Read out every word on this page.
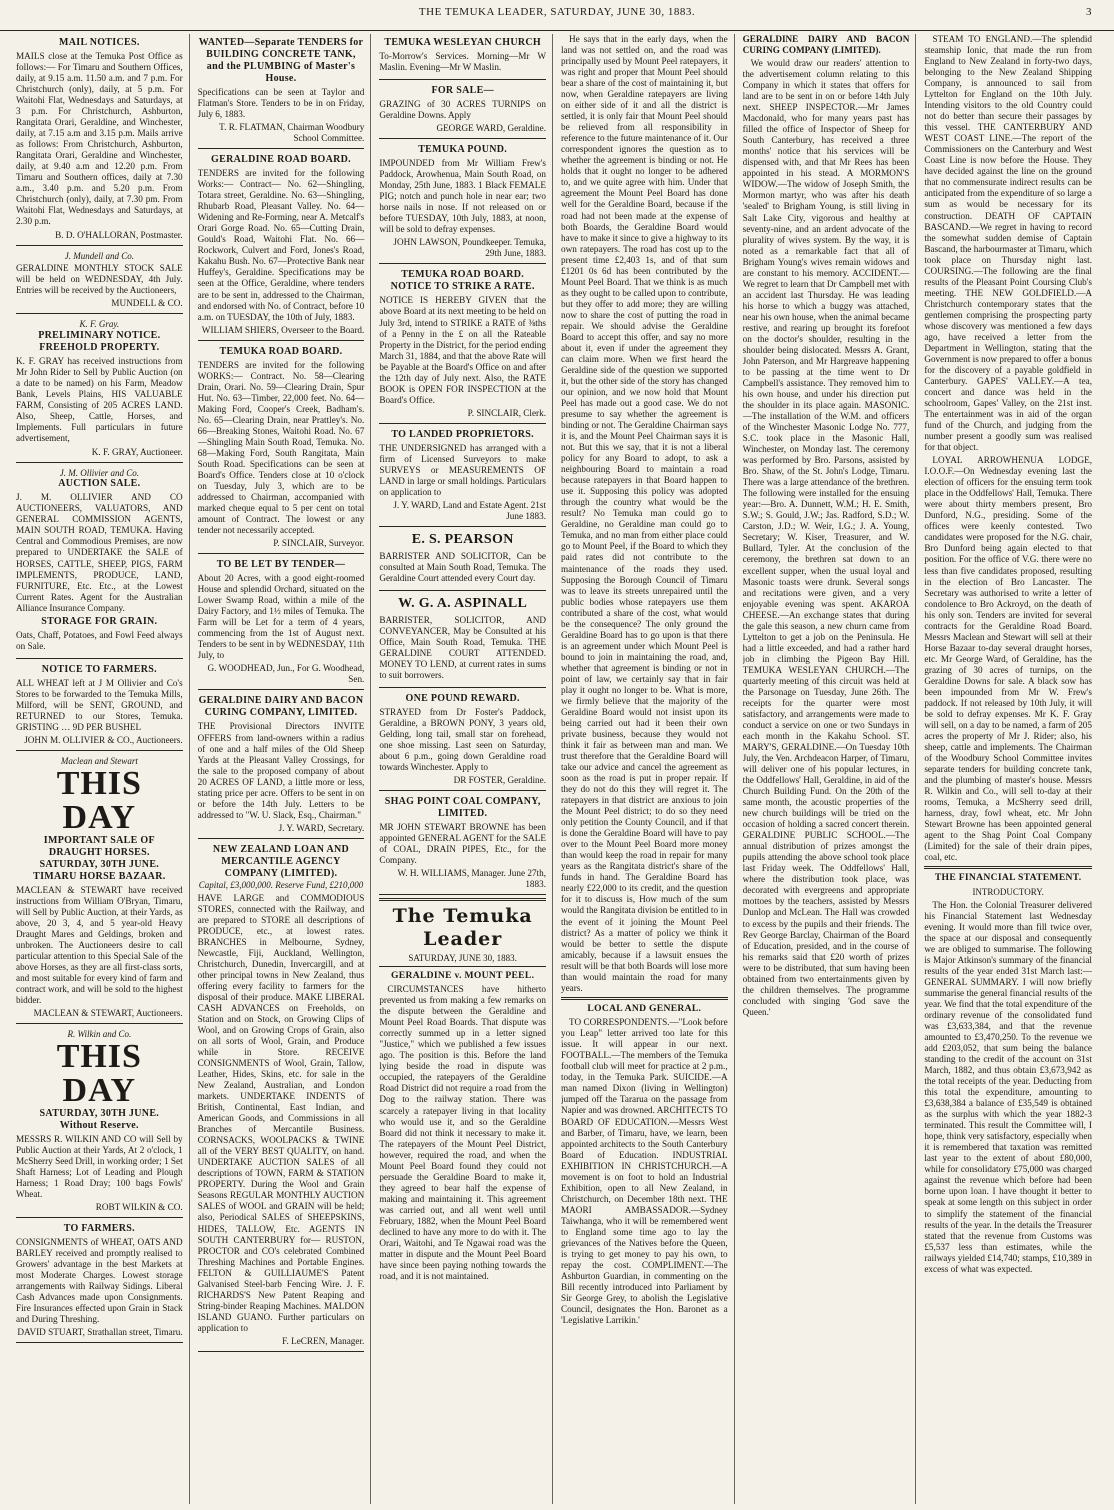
THE TEMUKA LEADER, SATURDAY, JUNE 30, 1883.	3
MAIL NOTICES.

MAILS close at the Temuka Post Office as follows:— For Timaru and Southern Offices, daily, at 9.15 a.m. 11.50 a.m. and 7 p.m. For Christchurch (only), daily, at 5 p.m. For Waitohi Flat, Wednesdays and Saturdays, at 3 p.m. For Christchurch, Ashburton, Rangitata Orari, Geraldine, and Winchester, daily, at 7.15 a.m and 3.15 p.m. Mails arrive as follows: From Christchurch, Ashburton, Rangitata Orari, Geraldine and Winchester, daily, at 9.40 a.m and 12.20 p.m. From Timaru and Southern offices, daily at 7.30 a.m., 3.40 p.m. and 5.20 p.m. From Christchurch (only), daily, at 7.30 pm. From Waitohi Flat, Wednesdays and Saturdays, at 2.30 p.m.

B. D. O'HALLORAN, Postmaster.
J. Mundell and Co.

GERALDINE MONTHLY STOCK SALE will be held on WEDNESDAY, 4th July. Entries will be received by the Auctioneers,

MUNDELL & CO.
K. F. Gray.
PRELIMINARY NOTICE.
FREEHOLD PROPERTY.

K. F. GRAY has received instructions from Mr John Rider to Sell by Public Auction (on a date to be named) on his Farm, Meadow Bank, Levels Plains, HIS VALUABLE FARM, Consisting of 205 ACRES LAND. Also, Sheep, Cattle, Horses, and Implements. Full particulars in future advertisement,

K. F. GRAY, Auctioneer.
J. M. Ollivier and Co.
AUCTION SALE.

J. M. OLLIVIER AND CO AUCTIONEERS, VALUATORS, AND GENERAL COMMISSION AGENTS, MAIN SOUTH ROAD, TEMUKA. Having Central and Commodious Premises, are now prepared to UNDERTAKE the SALE of HORSES, CATTLE, SHEEP, PIGS, FARM IMPLEMENTS, PRODUCE, LAND, FURNITURE, Etc. Etc., at the Lowest Current Rates. Agent for the Australian Alliance Insurance Company.

STORAGE FOR GRAIN.

Oats, Chaff, Potatoes, and Fowl Feed always on Sale.

NOTICE TO FARMERS.

ALL WHEAT left at J M Ollivier and Co's Stores to be forwarded to the Temuka Mills, Milford, will be SENT, GROUND, and RETURNED to our Stores, Temuka. GRISTING … 9D PER BUSHEL

JOHN M. OLLIVIER & CO., Auctioneers.
Maclean and Stewart
THIS DAY
IMPORTANT SALE OF DRAUGHT HORSES.
SATURDAY, 30TH JUNE.
TIMARU HORSE BAZAAR.

MACLEAN & STEWART have received instructions from William O'Bryan, Timaru, will Sell by Public Auction, at their Yards, as above, 20 3, 4, and 5 year-old Heavy Draught Mares and Geldings, broken and unbroken. The Auctioneers desire to call particular attention to this Special Sale of the above Horses, as they are all first-class sorts, and most suitable for every kind of farm and contract work, and will be sold to the highest bidder.

MACLEAN & STEWART, Auctioneers.
R. Wilkin and Co.
THIS DAY
SATURDAY, 30TH JUNE.
Without Reserve.

MESSRS R. WILKIN AND CO will Sell by Public Auction at their Yards, At 2 o'clock, 1 McSherry Seed Drill, in working order; 1 Set Shaft Harness; Lot of Leading and Plough Harness; 1 Road Dray; 100 bags Fowls' Wheat.

ROBT WILKIN & CO.
TO FARMERS.

CONSIGNMENTS of WHEAT, OATS AND BARLEY received and promptly realised to Growers' advantage in the best Markets at most Moderate Charges. Lowest storage arrangements with Railway Sidings. Liberal Cash Advances made upon Consignments. Fire Insurances effected upon Grain in Stack and During Threshing.

DAVID STUART, Strathallan street, Timaru.
WANTED—Separate TENDERS for BUILDING CONCRETE TANK, and the PLUMBING of Master's House.

Specifications can be seen at Taylor and Flatman's Store. Tenders to be in on Friday, July 6, 1883.

T. R. FLATMAN, Chairman Woodbury School Committee.
GERALDINE ROAD BOARD.

TENDERS are invited for the following Works:— Contract— No. 62—Shingling, Totara street, Geraldine. No. 63—Shingling, Rhubarb Road, Pleasant Valley. No. 64—Widening and Re-Forming, near A. Metcalf's Orari Gorge Road. No. 65—Cutting Drain, Gould's Road, Waitohi Flat. No. 66—Rockwork, Culvert and Ford, Jones's Road, Kakahu Bush. No. 67—Protective Bank near Huffey's, Geraldine. Specifications may be seen at the Office, Geraldine, where tenders are to be sent in, addressed to the Chairman, and endorsed with No. of Contract, before 10 a.m. on TUESDAY, the 10th of July, 1883.

WILLIAM SHIERS, Overseer to the Board.
TEMUKA ROAD BOARD.

TENDERS are invited for the following WORKS:— Contract. No. 58—Clearing Drain, Orari. No. 59—Clearing Drain, Spur Hut. No. 63—Timber, 22,000 feet. No. 64—Making Ford, Cooper's Creek, Badham's. No. 65—Clearing Drain, near Prattley's. No. 66—Breaking Stones, Waitohi Road. No. 67—Shingling Main South Road, Temuka. No. 68—Making Ford, South Rangitata, Main South Road. Specifications can be seen at Board's Office. Tenders close at 10 o'clock on Tuesday, July 3, which are to be addressed to Chairman, accompanied with marked cheque equal to 5 per cent on total amount of Contract. The lowest or any tender not necessarily accepted.

P. SINCLAIR, Surveyor.
TO BE LET BY TENDER—

About 20 Acres, with a good eight-roomed House and splendid Orchard, situated on the Lower Swamp Road, within a mile of the Dairy Factory, and 1½ miles of Temuka. The Farm will be Let for a term of 4 years, commencing from the 1st of August next. Tenders to be sent in by WEDNESDAY, 11th July, to

G. WOODHEAD, Jun., For G. Woodhead, Sen.
GERALDINE DAIRY AND BACON CURING COMPANY, LIMITED.

THE Provisional Directors INVITE OFFERS from land-owners within a radius of one and a half miles of the Old Sheep Yards at the Pleasant Valley Crossings, for the sale to the proposed company of about 20 ACRES OF LAND, a little more or less, stating price per acre. Offers to be sent in on or before the 14th July. Letters to be addressed to "W. U. Slack, Esq., Chairman."

J. Y. WARD, Secretary.
NEW ZEALAND LOAN AND MERCANTILE AGENCY COMPANY (LIMITED).
Capital, £3,000,000. Reserve Fund, £210,000

HAVE LARGE and COMMODIOUS STORES, connected with the Railway, and are prepared to STORE all descriptions of PRODUCE, etc., at lowest rates. BRANCHES in Melbourne, Sydney, Newcastle, Fiji, Auckland, Wellington, Christchurch, Dunedin, Invercargill, and at other principal towns in New Zealand, thus offering every facility to farmers for the disposal of their produce. MAKE LIBERAL CASH ADVANCES on Freeholds, on Station and on Stock, on Growing Clips of Wool, and on Growing Crops of Grain, also on all sorts of Wool, Grain, and Produce while in Store. RECEIVE CONSIGNMENTS of Wool, Grain, Tallow, Leather, Hides, Skins, etc. for sale in the New Zealand, Australian, and London markets. UNDERTAKE INDENTS of British, Continental, East Indian, and American Goods, and Commissions in all Branches of Mercantile Business. CORNSACKS, WOOLPACKS & TWINE all of the VERY BEST QUALITY, on hand. UNDERTAKE AUCTION SALES of all descriptions of TOWN, FARM & STATION PROPERTY. During the Wool and Grain Seasons REGULAR MONTHLY AUCTION SALES of WOOL and GRAIN will be held; also, Periodical SALES of SHEEPSKINS, HIDES, TALLOW, Etc. AGENTS IN SOUTH CANTERBURY for— RUSTON, PROCTOR and CO's celebrated Combined Threshing Machines and Portable Engines. FELTON & GUILLIAUME'S Patent Galvanised Steel-barb Fencing Wire. J. F. RICHARDS'S New Patent Reaping and String-binder Reaping Machines. MALDON ISLAND GUANO. Further particulars on application to

F. LeCREN, Manager.
TEMUKA WESLEYAN CHURCH

To-Morrow's Services. Morning—Mr W Maslin. Evening—Mr W Maslin.

FOR SALE—

GRAZING of 30 ACRES TURNIPS on Geraldine Downs. Apply

GEORGE WARD, Geraldine.
TEMUKA POUND.

IMPOUNDED from Mr William Frew's Paddock, Arowhenua, Main South Road, on Monday, 25th June, 1883. 1 Black FEMALE PIG; notch and punch hole in near ear; two horse nails in nose. If not released on or before TUESDAY, 10th July, 1883, at noon, will be sold to defray expenses.

JOHN LAWSON, Poundkeeper. Temuka, 29th June, 1883.
TEMUKA ROAD BOARD.
NOTICE TO STRIKE A RATE.

NOTICE IS HEREBY GIVEN that the above Board at its next meeting to be held on July 3rd, intend to STRIKE a RATE of ⅜ths of a Penny in the £ on all the Rateable Property in the District, for the period ending March 31, 1884, and that the above Rate will be Payable at the Board's Office on and after the 12th day of July next. Also, the RATE BOOK is OPEN FOR INSPECTION at the Board's Office.

P. SINCLAIR, Clerk.
TO LANDED PROPRIETORS.

THE UNDERSIGNED has arranged with a firm of Licensed Surveyors to make SURVEYS or MEASUREMENTS OF LAND in large or small holdings. Particulars on application to

J. Y. WARD, Land and Estate Agent. 21st June 1883.
E. S. PEARSON

BARRISTER AND SOLICITOR, Can be consulted at Main South Road, Temuka. The Geraldine Court attended every Court day.

W. G. A. ASPINALL

BARRISTER, SOLICITOR, AND CONVEYANCER, May be Consulted at his Office, Main South Road, Temuka. THE GERALDINE COURT ATTENDED. MONEY TO LEND, at current rates in sums to suit borrowers.

ONE POUND REWARD.

STRAYED from Dr Foster's Paddock, Geraldine, a BROWN PONY, 3 years old, Gelding, long tail, small star on forehead, one shoe missing. Last seen on Saturday, about 6 p.m., going down Geraldine road towards Winchester. Apply to

DR FOSTER, Geraldine.
SHAG POINT COAL COMPANY, LIMITED.

MR JOHN STEWART BROWNE has been appointed GENERAL AGENT for the SALE of COAL, DRAIN PIPES, Etc., for the Company.

W. H. WILLIAMS, Manager. June 27th, 1883.
The Temuka Leader
SATURDAY, JUNE 30, 1883.
GERALDINE v. MOUNT PEEL.

CIRCUMSTANCES have hitherto prevented us from making a few remarks on the dispute between the Geraldine and Mount Peel Road Boards. That dispute was correctly summed up in a letter signed "Justice," which we published a few issues ago. The position is this. Before the land lying beside the road in dispute was occupied, the ratepayers of the Geraldine Road District did not require a road from the Dog to the railway station. There was scarcely a ratepayer living in that locality who would use it, and so the Geraldine Board did not think it necessary to make it. The ratepayers of the Mount Peel District, however, required the road, and when the Mount Peel Board found they could not persuade the Geraldine Board to make it, they agreed to bear half the expense of making and maintaining it. This agreement was carried out, and all went well until February, 1882, when the Mount Peel Board declined to have any more to do with it. The Orari, Waitohi, and Te Ngawai road was the matter in dispute and the Mount Peel Board have since been paying nothing towards the road, and it is not maintained.

He says that in the early days, when the land was not settled on, and the road was principally used by Mount Peel ratepayers, it was right and proper that Mount Peel should bear a share of the cost of maintaining it, but now, when Geraldine ratepayers are living on either side of it and all the district is settled, it is only fair that Mount Peel should be relieved from all responsibility in reference to the future maintenance of it. Our correspondent ignores the question as to whether the agreement is binding or not. He holds that it ought no longer to be adhered to, and we quite agree with him. Under that agreement the Mount Peel Board has done well for the Geraldine Board, because if the road had not been made at the expense of both Boards, the Geraldine Board would have to make it since to give a highway to its own ratepayers. The road has cost up to the present time £2,403 1s, and of that sum £1201 0s 6d has been contributed by the Mount Peel Board. That we think is as much as they ought to be called upon to contribute, but they offer to add more; they are willing now to share the cost of putting the road in repair. We should advise the Geraldine Board to accept this offer, and say no more about it, even if under the agreement they can claim more. When we first heard the Geraldine side of the question we supported it, but the other side of the story has changed our opinion, and we now hold that Mount Peel has made out a good case. We do not presume to say whether the agreement is binding or not. The Geraldine Chairman says it is, and the Mount Peel Chairman says it is not. But this we say, that it is not a liberal policy for any Board to adopt, to ask a neighbouring Board to maintain a road because ratepayers in that Board happen to use it. Supposing this policy was adopted through the country what would be the result? No Temuka man could go to Geraldine, no Geraldine man could go to Temuka, and no man from either place could go to Mount Peel, if the Board to which they paid rates did not contribute to the maintenance of the roads they used. Supposing the Borough Council of Timaru was to leave its streets unrepaired until the public bodies whose ratepayers use them contributed a share of the cost, what would be the consequence? The only ground the Geraldine Board has to go upon is that there is an agreement under which Mount Peel is bound to join in maintaining the road, and, whether that agreement is binding or not in point of law, we certainly say that in fair play it ought no longer to be. What is more, we firmly believe that the majority of the Geraldine Board would not insist upon its being carried out had it been their own private business, because they would not think it fair as between man and man. We trust therefore that the Geraldine Board will take our advice and cancel the agreement as soon as the road is put in proper repair. If they do not do this they will regret it. The ratepayers in that district are anxious to join the Mount Peel district; to do so they need only petition the County Council, and if that is done the Geraldine Board will have to pay over to the Mount Peel Board more money than would keep the road in repair for many years as the Rangitata district's share of the funds in hand. The Geraldine Board has nearly £22,000 to its credit, and the question for it to discuss is, How much of the sum would the Rangitata division be entitled to in the event of it joining the Mount Peel district? As a matter of policy we think it would be better to settle the dispute amicably, because if a lawsuit ensues the result will be that both Boards will lose more than would maintain the road for many years.

LOCAL AND GENERAL.

TO CORRESPONDENTS.—"Look before you Leap" letter arrived too late for this issue. It will appear in our next. FOOTBALL.—The members of the Temuka football club will meet for practice at 2 p.m., today, in the Temuka Park. SUICIDE.—A man named Dixon (living in Wellington) jumped off the Tararua on the passage from Napier and was drowned. ARCHITECTS TO BOARD OF EDUCATION.—Messrs West and Barber, of Timaru, have, we learn, been appointed architects to the South Canterbury Board of Education. INDUSTRIAL EXHIBITION IN CHRISTCHURCH.—A movement is on foot to hold an Industrial Exhibition, open to all New Zealand, in Christchurch, on December 18th next. THE MAORI AMBASSADOR.—Sydney Taiwhanga, who it will be remembered went to England some time ago to lay the grievances of the Natives before the Queen, is trying to get money to pay his own, to repay the cost. COMPLIMENT.—The Ashburton Guardian, in commenting on the Bill recently introduced into Parliament by Sir George Grey, to abolish the Legislative Council, designates the Hon. Baronet as a 'Legislative Larrikin.'

GERALDINE DAIRY AND BACON CURING COMPANY (LIMITED).

We would draw our readers' attention to the advertisement column relating to this Company in which it states that offers for land are to be sent in on or before 14th July next. SHEEP INSPECTOR.—Mr James Macdonald, who for many years past has filled the office of Inspector of Sheep for South Canterbury, has received a three months' notice that his services will be dispensed with, and that Mr Rees has been appointed in his stead. A MORMON'S WIDOW.—The widow of Joseph Smith, the Mormon martyr, who was after his death 'sealed' to Brigham Young, is still living in Salt Lake City, vigorous and healthy at seventy-nine, and an ardent advocate of the plurality of wives system. By the way, it is noted as a remarkable fact that all of Brigham Young's wives remain widows and are constant to his memory. ACCIDENT.—We regret to learn that Dr Campbell met with an accident last Thursday. He was leading his horse to which a buggy was attached, near his own house, when the animal became restive, and rearing up brought its forefoot on the doctor's shoulder, resulting in the shoulder being dislocated. Messrs A. Grant, John Paterson, and Mr Hargreave happening to be passing at the time went to Dr Campbell's assistance. They removed him to his own house, and under his direction put the shoulder in its place again. MASONIC.—The installation of the W.M. and officers of the Winchester Masonic Lodge No. 777, S.C. took place in the Masonic Hall, Winchester, on Monday last. The ceremony was performed by Bro. Parsons, assisted by Bro. Shaw, of the St. John's Lodge, Timaru. There was a large attendance of the brethren. The following were installed for the ensuing year:—Bro. A. Dunnett, W.M.; H. E. Smith, S.W.; S. Gould, J.W.; Jas. Radford, S.D.; W. Carston, J.D.; W. Weir, I.G.; J. A. Young, Secretary; W. Kiser, Treasurer, and W. Bullard, Tyler. At the conclusion of the ceremony, the brethren sat down to an excellent supper, when the usual loyal and Masonic toasts were drunk. Several songs and recitations were given, and a very enjoyable evening was spent. AKAROA CHEESE.—An exchange states that during the gale this season, a new churn came from Lyttelton to get a job on the Peninsula. He had a little exceeded, and had a rather hard job in climbing the Pigeon Bay Hill. TEMUKA WESLEYAN CHURCH.—The quarterly meeting of this circuit was held at the Parsonage on Tuesday, June 26th. The receipts for the quarter were most satisfactory, and arrangements were made to conduct a service on one or two Sundays in each month in the Kakahu School. ST. MARY'S, GERALDINE.—On Tuesday 10th July, the Ven. Archdeacon Harper, of Timaru, will deliver one of his popular lectures, in the Oddfellows' Hall, Geraldine, in aid of the Church Building Fund. On the 20th of the same month, the acoustic properties of the new church buildings will be tried on the occasion of holding a sacred concert therein. GERALDINE PUBLIC SCHOOL.—The annual distribution of prizes amongst the pupils attending the above school took place last Friday week. The Oddfellows' Hall, where the distribution took place, was decorated with evergreens and appropriate mottoes by the teachers, assisted by Messrs Dunlop and McLean. The Hall was crowded to excess by the pupils and their friends. The Rev George Barclay, Chairman of the Board of Education, presided, and in the course of his remarks said that £20 worth of prizes were to be distributed, that sum having been obtained from two entertainments given by the children themselves. The programme concluded with singing 'God save the Queen.'

STEAM TO ENGLAND.—The splendid steamship Ionic, that made the run from England to New Zealand in forty-two days, belonging to the New Zealand Shipping Company, is announced to sail from Lyttelton for England on the 10th July. Intending visitors to the old Country could not do better than secure their passages by this vessel. THE CANTERBURY AND WEST COAST LINE.—The report of the Commissioners on the Canterbury and West Coast Line is now before the House. They have decided against the line on the ground that no commensurate indirect results can be anticipated from the expenditure of so large a sum as would be necessary for its construction. DEATH OF CAPTAIN BASCAND.—We regret in having to record the somewhat sudden demise of Captain Bascand, the harbourmaster at Timaru, which took place on Thursday night last. COURSING.—The following are the final results of the Pleasant Point Coursing Club's meeting. THE NEW GOLDFIELD.—A Christchurch contemporary states that the gentlemen comprising the prospecting party whose discovery was mentioned a few days ago, have received a letter from the Department in Wellington, stating that the Government is now prepared to offer a bonus for the discovery of a payable goldfield in Canterbury. GAPES' VALLEY.—A tea, concert and dance was held in the schoolroom, Gapes' Valley, on the 21st inst. The entertainment was in aid of the organ fund of the Church, and judging from the number present a goodly sum was realised for that object.

LOYAL ARROWHENUA LODGE, I.O.O.F.—On Wednesday evening last the election of officers for the ensuing term took place in the Oddfellows' Hall, Temuka. There were about thirty members present, Bro Dunford, N.G., presiding. Some of the offices were keenly contested. Two candidates were proposed for the N.G. chair, Bro Dunford being again elected to that position. For the office of V.G. there were no less than five candidates proposed, resulting in the election of Bro Lancaster. The Secretary was authorised to write a letter of condolence to Bro Ackroyd, on the death of his only son. Tenders are invited for several contracts for the Geraldine Road Board. Messrs Maclean and Stewart will sell at their Horse Bazaar to-day several draught horses, etc. Mr George Ward, of Geraldine, has the grazing of 30 acres of turnips, on the Geraldine Downs for sale. A black sow has been impounded from Mr W. Frew's paddock. If not released by 10th July, it will be sold to defray expenses. Mr K. F. Gray will sell, on a day to be named, a farm of 205 acres the property of Mr J. Rider; also, his sheep, cattle and implements. The Chairman of the Woodbury School Committee invites separate tenders for building concrete tank, and the plumbing of master's house. Messrs R. Wilkin and Co., will sell to-day at their rooms, Temuka, a McSherry seed drill, harness, dray, fowl wheat, etc. Mr John Stewart Browne has been appointed general agent to the Shag Point Coal Company (Limited) for the sale of their drain pipes, coal, etc.

THE FINANCIAL STATEMENT.
INTRODUCTORY.

The Hon. the Colonial Treasurer delivered his Financial Statement last Wednesday evening. It would more than fill twice over, the space at our disposal and consequently we are obliged to summarise. The following is Major Atkinson's summary of the financial results of the year ended 31st March last:— GENERAL SUMMARY. I will now briefly summarise the general financial results of the year. We find that the total expenditure of the ordinary revenue of the consolidated fund was £3,633,384, and that the revenue amounted to £3,470,250. To the revenue we add £203,052, that sum being the balance standing to the credit of the account on 31st March, 1882, and thus obtain £3,673,942 as the total receipts of the year. Deducting from this total the expenditure, amounting to £3,638,384 a balance of £35,549 is obtained as the surplus with which the year 1882-3 terminated. This result the Committee will, I hope, think very satisfactory, especially when it is remembered that taxation was remitted last year to the extent of about £80,000, while for consolidatory £75,000 was charged against the revenue which before had been borne upon loan. I have thought it better to speak at some length on this subject in order to simplify the statement of the financial results of the year. In the details the Treasurer stated that the revenue from Customs was £5,537 less than estimates, while the railways yielded £14,740; stamps, £10,389 in excess of what was expected.
